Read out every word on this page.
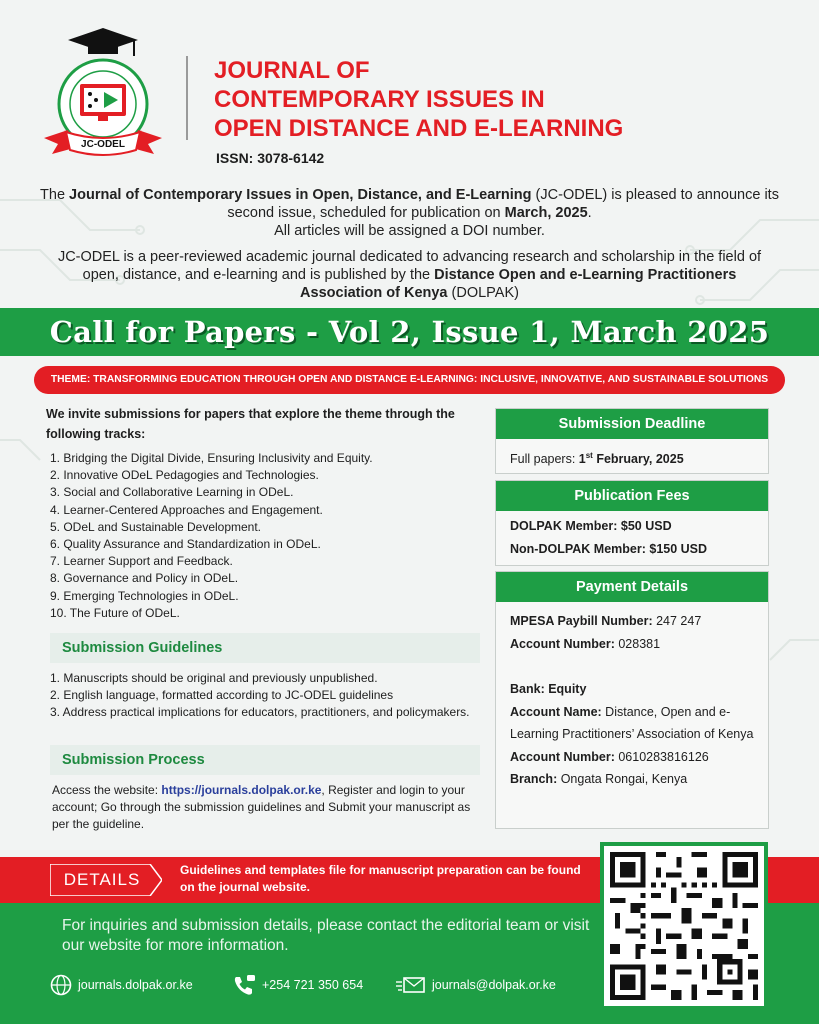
JC-ODEL
JOURNAL OF
CONTEMPORARY ISSUES IN
OPEN DISTANCE AND E-LEARNING
ISSN: 3078-6142

The Journal of Contemporary Issues in Open, Distance, and E-Learning (JC-ODEL) is pleased to announce its second issue, scheduled for publication on March, 2025.
All articles will be assigned a DOI number.

JC-ODEL is a peer-reviewed academic journal dedicated to advancing research and scholarship in the field of open, distance, and e-learning and is published by the Distance Open and e-Learning Practitioners Association of Kenya (DOLPAK)

Call for Papers - Vol 2, Issue 1, March 2025
THEME: TRANSFORMING EDUCATION THROUGH OPEN AND DISTANCE E-LEARNING: INCLUSIVE, INNOVATIVE, AND SUSTAINABLE SOLUTIONS
We invite submissions for papers that explore the theme through the following tracks:
1. Bridging the Digital Divide, Ensuring Inclusivity and Equity.
2. Innovative ODeL Pedagogies and Technologies.
3. Social and Collaborative Learning in ODeL.
4. Learner-Centered Approaches and Engagement.
5. ODeL and Sustainable Development.
6. Quality Assurance and Standardization in ODeL.
7. Learner Support and Feedback.
8. Governance and Policy in ODeL.
9. Emerging Technologies in ODeL.
10. The Future of ODeL.
Submission Guidelines
1. Manuscripts should be original and previously unpublished.
2. English language, formatted according to JC-ODEL guidelines
3. Address practical implications for educators, practitioners, and policymakers.
Submission Process
Access the website: https://journals.dolpak.or.ke, Register and login to your account; Go through the submission guidelines and Submit your manuscript as per the guideline.
Submission Deadline
Full papers: 1st February, 2025
Publication Fees
DOLPAK Member: $50 USD
Non-DOLPAK Member: $150 USD
Payment Details
MPESA Paybill Number: 247 247
Account Number: 028381
Bank: Equity
Account Name: Distance, Open and e-Learning Practitioners’ Association of Kenya
Account Number: 0610283816126
Branch: Ongata Rongai, Kenya
DETAILS	Guidelines and templates file for manuscript preparation can be found on the journal website.
For inquiries and submission details, please contact the editorial team or visit our website for more information.
journals.dolpak.or.ke	+254 721 350 654	journals@dolpak.or.ke
